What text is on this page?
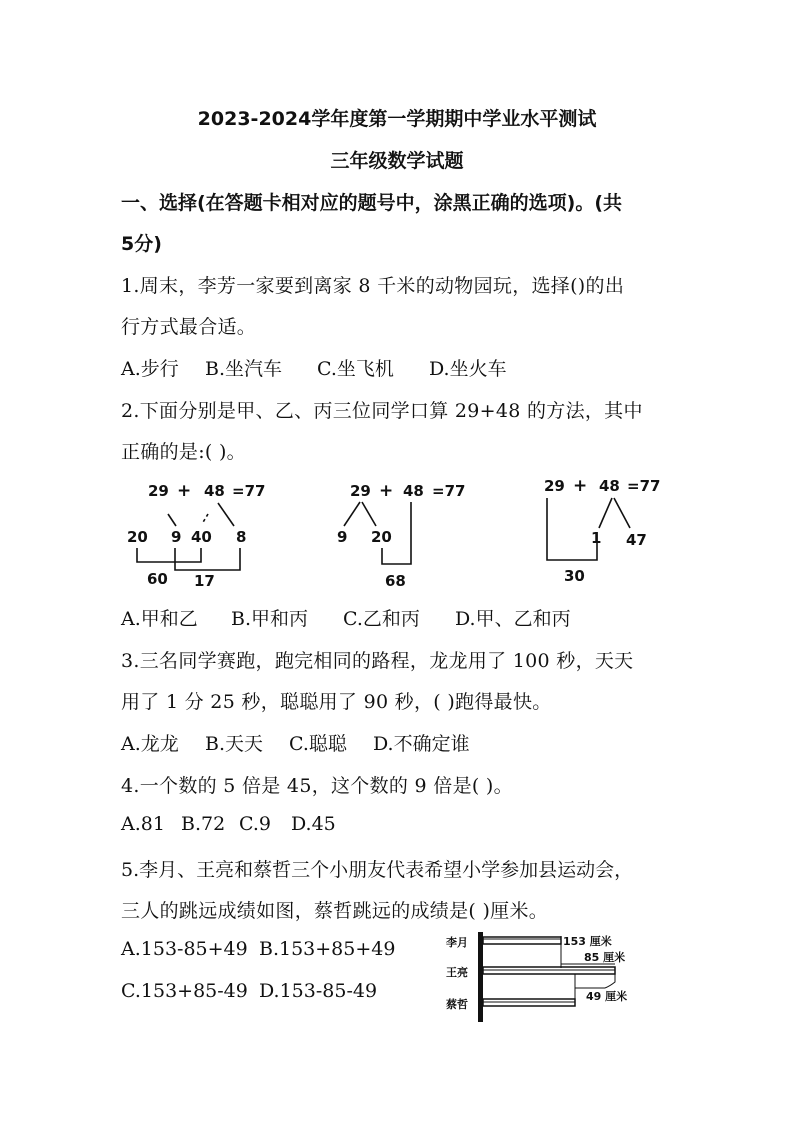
2023-2024学年度第一学期期中学业水平测试
三年级数学试题
一、选择(在答题卡相对应的题号中，涂黑正确的选项)。(共
5分)
1.周末，李芳一家要到离家 8 千米的动物园玩，选择()的出
行方式最合适。
A.步行 B.坐汽车 C.坐飞机 D.坐火车
2.下面分别是甲、乙、丙三位同学口算 29+48 的方法，其中
正确的是:( )。
29 + 48 =77
20 9 40 8
60 17
29 + 48 =77
9 20
68
29 + 48 =77
1 47
30
A.甲和乙 B.甲和丙 C.乙和丙 D.甲、乙和丙
3.三名同学赛跑，跑完相同的路程，龙龙用了 100 秒，天天
用了 1 分 25 秒，聪聪用了 90 秒，( )跑得最快。
A.龙龙 B.天天 C.聪聪 D.不确定谁
4.一个数的 5 倍是 45，这个数的 9 倍是( )。
A.81 B.72 C.9 D.45
5.李月、王亮和蔡哲三个小朋友代表希望小学参加县运动会，
三人的跳远成绩如图，蔡哲跳远的成绩是( )厘米。
A.153-85+49 B.153+85+49
C.153+85-49 D.153-85-49
李月
王亮
蔡哲
153 厘米
85 厘米
49 厘米
